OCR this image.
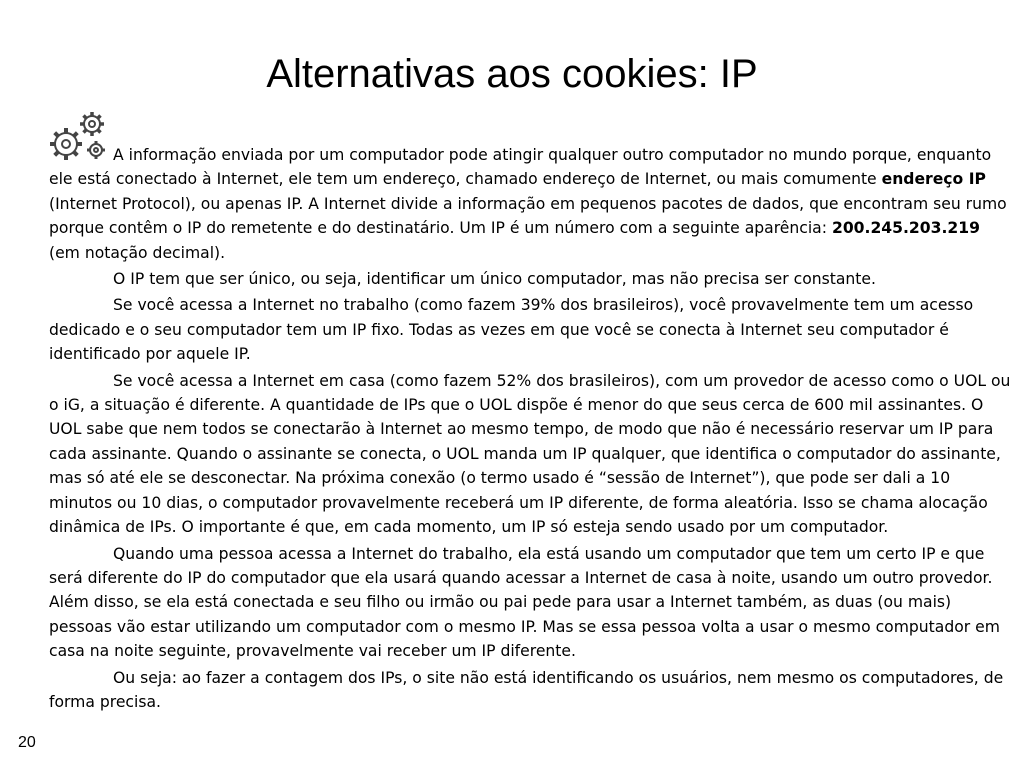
Alternativas aos cookies: IP

A informação enviada por um computador pode atingir qualquer outro computador no mundo porque, enquanto ele está conectado à Internet, ele tem um endereço, chamado endereço de Internet, ou mais comumente endereço IP (Internet Protocol), ou apenas IP. A Internet divide a informação em pequenos pacotes de dados, que encontram seu rumo porque contêm o IP do remetente e do destinatário. Um IP é um número com a seguinte aparência: 200.245.203.219 (em notação decimal).

O IP tem que ser único, ou seja, identificar um único computador, mas não precisa ser constante.

Se você acessa a Internet no trabalho (como fazem 39% dos brasileiros), você provavelmente tem um acesso dedicado e o seu computador tem um IP fixo. Todas as vezes em que você se conecta à Internet seu computador é identificado por aquele IP.

Se você acessa a Internet em casa (como fazem 52% dos brasileiros), com um provedor de acesso como o UOL ou o iG, a situação é diferente. A quantidade de IPs que o UOL dispõe é menor do que seus cerca de 600 mil assinantes. O UOL sabe que nem todos se conectarão à Internet ao mesmo tempo, de modo que não é necessário reservar um IP para cada assinante. Quando o assinante se conecta, o UOL manda um IP qualquer, que identifica o computador do assinante, mas só até ele se desconectar. Na próxima conexão (o termo usado é “sessão de Internet”), que pode ser dali a 10 minutos ou 10 dias, o computador provavelmente receberá um IP diferente, de forma aleatória. Isso se chama alocação dinâmica de IPs. O importante é que, em cada momento, um IP só esteja sendo usado por um computador.

Quando uma pessoa acessa a Internet do trabalho, ela está usando um computador que tem um certo IP e que será diferente do IP do computador que ela usará quando acessar a Internet de casa à noite, usando um outro provedor. Além disso, se ela está conectada e seu filho ou irmão ou pai pede para usar a Internet também, as duas (ou mais) pessoas vão estar utilizando um computador com o mesmo IP. Mas se essa pessoa volta a usar o mesmo computador em casa na noite seguinte, provavelmente vai receber um IP diferente.

Ou seja: ao fazer a contagem dos IPs, o site não está identificando os usuários, nem mesmo os computadores, de forma precisa.

20
